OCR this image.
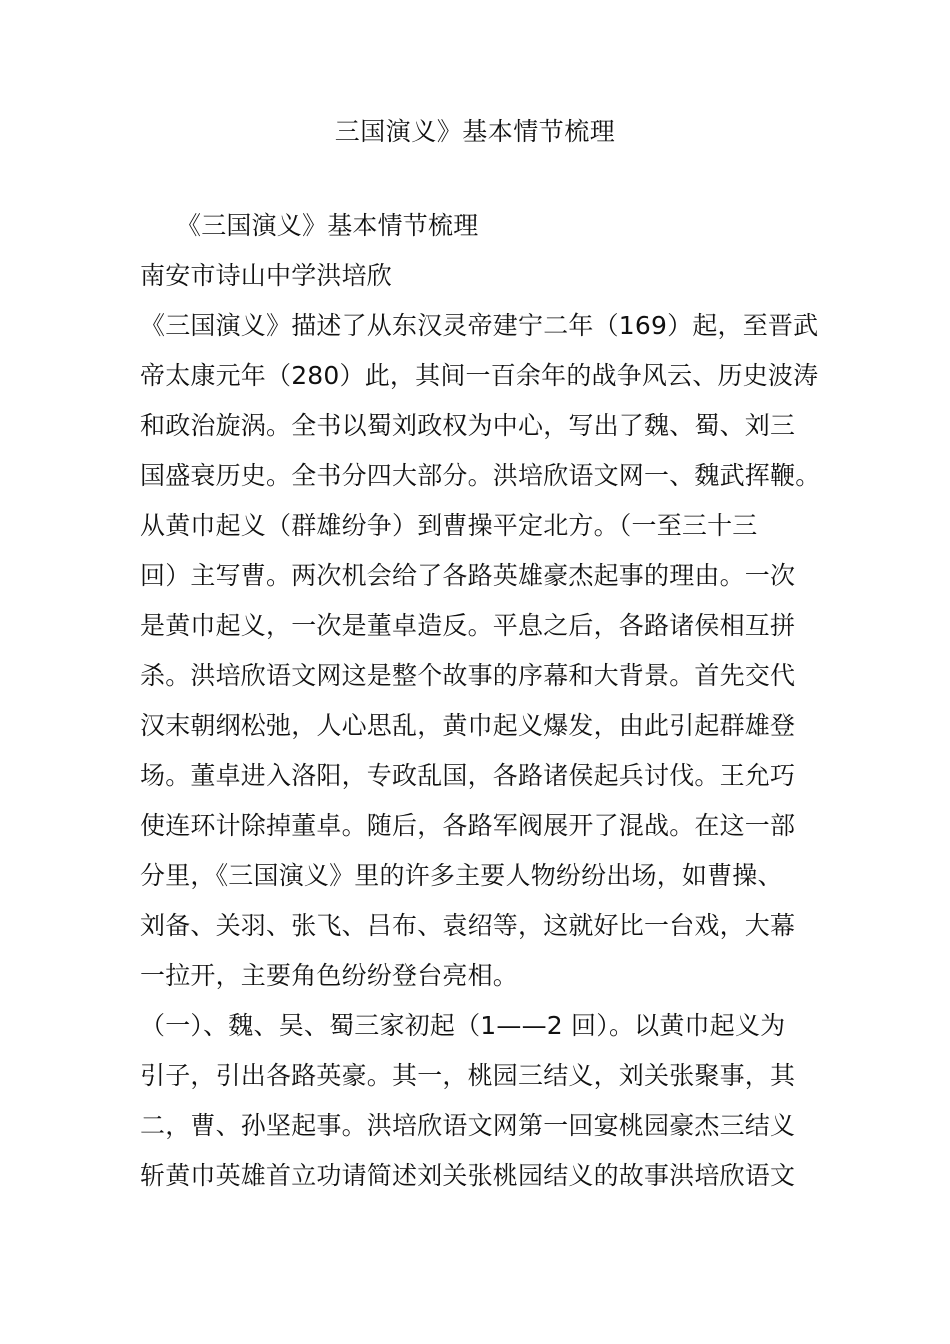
三国演义》基本情节梳理
《三国演义》基本情节梳理
南安市诗山中学洪培欣
《三国演义》描述了从东汉灵帝建宁二年（169）起，至晋武
帝太康元年（280）此，其间一百余年的战争风云、历史波涛
和政治旋涡。全书以蜀刘政权为中心，写出了魏、蜀、刘三
国盛衰历史。全书分四大部分。洪培欣语文网一、魏武挥鞭。
从黄巾起义（群雄纷争）到曹操平定北方。（一至三十三
回）主写曹。两次机会给了各路英雄豪杰起事的理由。一次
是黄巾起义，一次是董卓造反。平息之后，各路诸侯相互拼
杀。洪培欣语文网这是整个故事的序幕和大背景。首先交代
汉末朝纲松弛，人心思乱，黄巾起义爆发，由此引起群雄登
场。董卓进入洛阳，专政乱国，各路诸侯起兵讨伐。王允巧
使连环计除掉董卓。随后，各路军阀展开了混战。在这一部
分里，《三国演义》里的许多主要人物纷纷出场，如曹操、
刘备、关羽、张飞、吕布、袁绍等，这就好比一台戏，大幕
一拉开，主要角色纷纷登台亮相。
（一）、魏、吴、蜀三家初起（1——2 回）。以黄巾起义为
引子，引出各路英豪。其一，桃园三结义，刘关张聚事，其
二，曹、孙坚起事。洪培欣语文网第一回宴桃园豪杰三结义
斩黄巾英雄首立功请简述刘关张桃园结义的故事洪培欣语文
